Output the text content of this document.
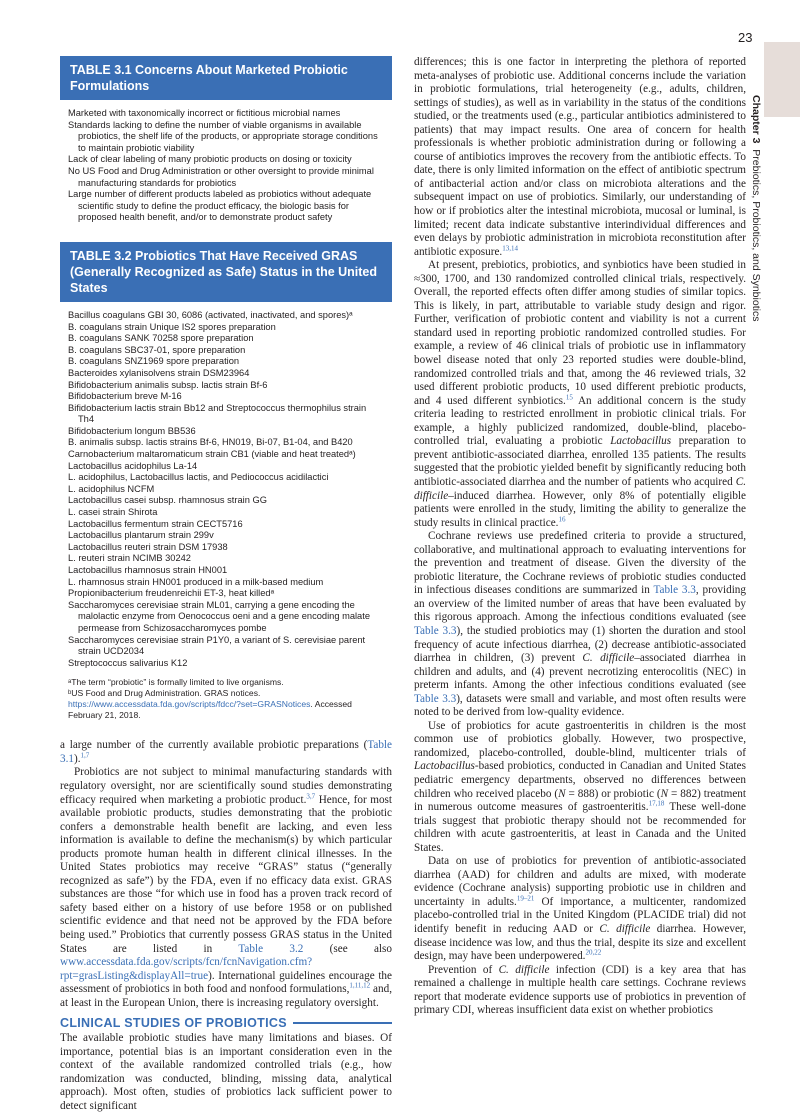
23
Chapter 3  Prebiotics, Probiotics, and Synbiotics
TABLE 3.1 Concerns About Marketed Probiotic Formulations
Marketed with taxonomically incorrect or fictitious microbial names
Standards lacking to define the number of viable organisms in available probiotics, the shelf life of the products, or appropriate storage conditions to maintain probiotic viability
Lack of clear labeling of many probiotic products on dosing or toxicity
No US Food and Drug Administration or other oversight to provide minimal manufacturing standards for probiotics
Large number of different products labeled as probiotics without adequate scientific study to define the product efficacy, the biologic basis for proposed health benefit, and/or to demonstrate product safety
TABLE 3.2 Probiotics That Have Received GRAS (Generally Recognized as Safe) Status in the United States
Bacillus coagulans GBI 30, 6086 (activated, inactivated, and spores)ᵃ
B. coagulans strain Unique IS2 spores preparation
B. coagulans SANK 70258 spore preparation
B. coagulans SBC37-01, spore preparation
B. coagulans SNZ1969 spore preparation
Bacteroides xylanisolvens strain DSM23964
Bifidobacterium animalis subsp. lactis strain Bf-6
Bifidobacterium breve M-16
Bifidobacterium lactis strain Bb12 and Streptococcus thermophilus strain Th4
Bifidobacterium longum BB536
B. animalis subsp. lactis strains Bf-6, HN019, Bi-07, B1-04, and B420
Carnobacterium maltaromaticum strain CB1 (viable and heat treatedᵃ)
Lactobacillus acidophilus La-14
L. acidophilus, Lactobacillus lactis, and Pediococcus acidilactici
L. acidophilus NCFM
Lactobacillus casei subsp. rhamnosus strain GG
L. casei strain Shirota
Lactobacillus fermentum strain CECT5716
Lactobacillus plantarum strain 299v
Lactobacillus reuteri strain DSM 17938
L. reuteri strain NCIMB 30242
Lactobacillus rhamnosus strain HN001
L. rhamnosus strain HN001 produced in a milk-based medium
Propionibacterium freudenreichii ET-3, heat killedᵃ
Saccharomyces cerevisiae strain ML01, carrying a gene encoding the malolactic enzyme from Oenococcus oeni and a gene encoding malate permease from Schizosaccharomyces pombe
Saccharomyces cerevisiae strain P1Y0, a variant of S. cerevisiae parent strain UCD2034
Streptococcus salivarius K12
ᵃThe term “probiotic” is formally limited to live organisms.
ᵇUS Food and Drug Administration. GRAS notices. https://www.accessdata.fda.gov/scripts/fdcc/?set=GRASNotices. Accessed February 21, 2018.

a large number of the currently available probiotic preparations (Table 3.1).$^{1,7}$

Probiotics are not subject to minimal manufacturing standards with regulatory oversight, nor are scientifically sound studies demonstrating efficacy required when marketing a probiotic product.$^{3,7}$ Hence, for most available probiotic products, studies demonstrating that the probiotic confers a demonstrable health benefit are lacking, and even less information is available to define the mechanism(s) by which particular products promote human health in different clinical illnesses. In the United States probiotics may receive “GRAS” status (“generally recognized as safe”) by the FDA, even if no efficacy data exist. GRAS substances are those “for which use in food has a proven track record of safety based either on a history of use before 1958 or on published scientific evidence and that need not be approved by the FDA before being used.” Probiotics that currently possess GRAS status in the United States are listed in Table 3.2 (see also www.accessdata.fda.gov/scripts/fcn/fcnNavigation.cfm?rpt=grasListing&displayAll=true). International guidelines encourage the assessment of probiotics in both food and nonfood formulations,$^{1,11,12}$ and, at least in the European Union, there is increasing regulatory oversight.

CLINICAL STUDIES OF PROBIOTICS

The available probiotic studies have many limitations and biases. Of importance, potential bias is an important consideration even in the context of the available randomized controlled trials (e.g., how randomization was conducted, blinding, missing data, analytical approach). Most often, studies of probiotics lack sufficient power to detect significant

differences; this is one factor in interpreting the plethora of reported meta-analyses of probiotic use. Additional concerns include the variation in probiotic formulations, trial heterogeneity (e.g., adults, children, settings of studies), as well as in variability in the status of the conditions studied, or the treatments used (e.g., particular antibiotics administered to patients) that may impact results. One area of concern for health professionals is whether probiotic administration during or following a course of antibiotics improves the recovery from the antibiotic effects. To date, there is only limited information on the effect of antibiotic spectrum of antibacterial action and/or class on microbiota alterations and the subsequent impact on use of probiotics. Similarly, our understanding of how or if probiotics alter the intestinal microbiota, mucosal or luminal, is limited; recent data indicate substantive interindividual differences and even delays by probiotic administration in microbiota reconstitution after antibiotic exposure.$^{13,14}$

At present, prebiotics, probiotics, and synbiotics have been studied in ≈300, 1700, and 130 randomized controlled clinical trials, respectively. Overall, the reported effects often differ among studies of similar topics. This is likely, in part, attributable to variable study design and rigor. Further, verification of probiotic content and viability is not a current standard used in reporting probiotic randomized controlled studies. For example, a review of 46 clinical trials of probiotic use in inflammatory bowel disease noted that only 23 reported studies were double-blind, randomized controlled trials and that, among the 46 reviewed trials, 32 used different probiotic products, 10 used different prebiotic products, and 4 used different synbiotics.$^{15}$ An additional concern is the study criteria leading to restricted enrollment in probiotic clinical trials. For example, a highly publicized randomized, double-blind, placebo-controlled trial, evaluating a probiotic Lactobacillus preparation to prevent antibiotic-associated diarrhea, enrolled 135 patients. The results suggested that the probiotic yielded benefit by significantly reducing both antibiotic-associated diarrhea and the number of patients who acquired C. difficile–induced diarrhea. However, only 8% of potentially eligible patients were enrolled in the study, limiting the ability to generalize the study results in clinical practice.$^{16}$

Cochrane reviews use predefined criteria to provide a structured, collaborative, and multinational approach to evaluating interventions for the prevention and treatment of disease. Given the diversity of the probiotic literature, the Cochrane reviews of probiotic studies conducted in infectious diseases conditions are summarized in Table 3.3, providing an overview of the limited number of areas that have been evaluated by this rigorous approach. Among the infectious conditions evaluated (see Table 3.3), the studied probiotics may (1) shorten the duration and stool frequency of acute infectious diarrhea, (2) decrease antibiotic-associated diarrhea in children, (3) prevent C. difficile–associated diarrhea in children and adults, and (4) prevent necrotizing enterocolitis (NEC) in preterm infants. Among the other infectious conditions evaluated (see Table 3.3), datasets were small and variable, and most often results were noted to be derived from low-quality evidence.

Use of probiotics for acute gastroenteritis in children is the most common use of probiotics globally. However, two prospective, randomized, placebo-controlled, double-blind, multicenter trials of Lactobacillus-based probiotics, conducted in Canadian and United States pediatric emergency departments, observed no differences between children who received placebo (N = 888) or probiotic (N = 882) treatment in numerous outcome measures of gastroenteritis.$^{17,18}$ These well-done trials suggest that probiotic therapy should not be recommended for children with acute gastroenteritis, at least in Canada and the United States.

Data on use of probiotics for prevention of antibiotic-associated diarrhea (AAD) for children and adults are mixed, with moderate evidence (Cochrane analysis) supporting probiotic use in children and uncertainty in adults.$^{19-21}$ Of importance, a multicenter, randomized placebo-controlled trial in the United Kingdom (PLACIDE trial) did not identify benefit in reducing AAD or C. difficile diarrhea. However, disease incidence was low, and thus the trial, despite its size and excellent design, may have been underpowered.$^{20,22}$

Prevention of C. difficile infection (CDI) is a key area that has remained a challenge in multiple health care settings. Cochrane reviews report that moderate evidence supports use of probiotics in prevention of primary CDI, whereas insufficient data exist on whether probiotics
